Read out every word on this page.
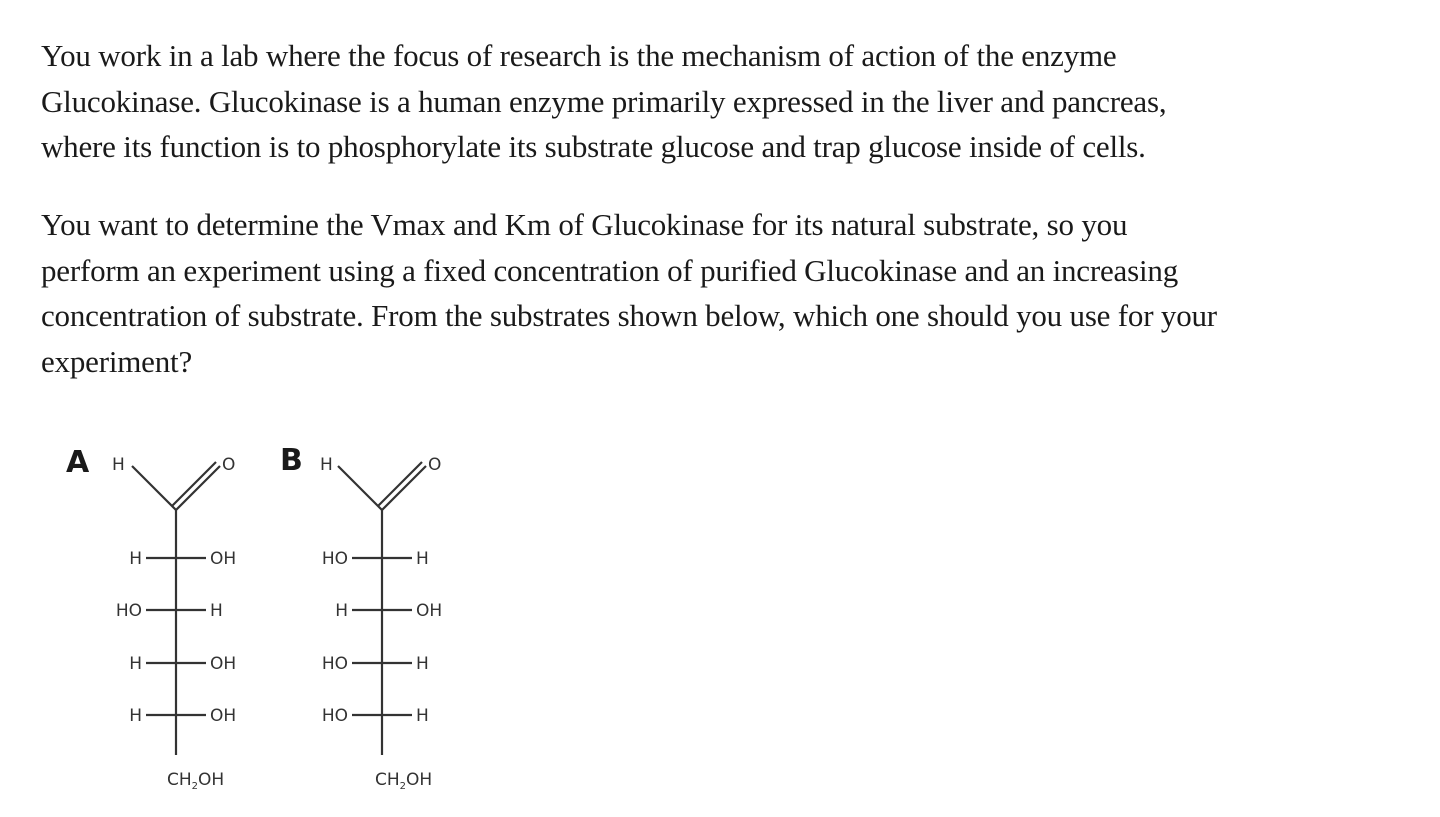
You work in a lab where the focus of research is the mechanism of action of the enzyme
Glucokinase. Glucokinase is a human enzyme primarily expressed in the liver and pancreas,
where its function is to phosphorylate its substrate glucose and trap glucose inside of cells.
You want to determine the Vmax and Km of Glucokinase for its natural substrate, so you
perform an experiment using a fixed concentration of purified Glucokinase and an increasing
concentration of substrate. From the substrates shown below, which one should you use for your
experiment?
A H	O
H	OH
HO	H
H	OH
H	OH
$CH_2OH$
B H	O
HO	H
H	OH
HO	H
HO	H
$CH_2OH$
